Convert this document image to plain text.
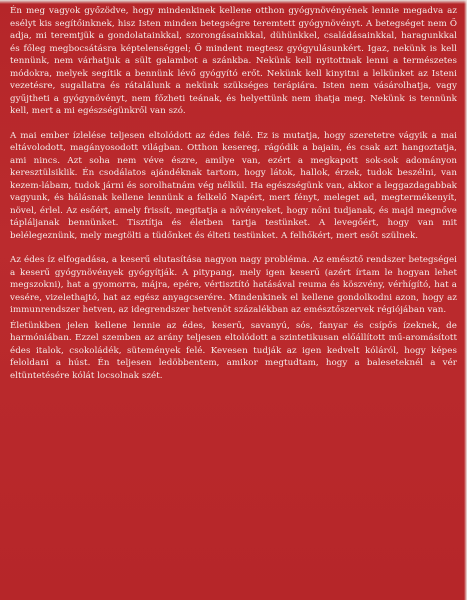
Én meg vagyok győzödve, hogy mindenkinek kellene otthon gyógynövényének lennie megadva az esélyt kis segítőinknek, hisz Isten minden betegségre teremtett gyógynövényt. A betegséget nem Ő adja, mi teremtjük a gondolatainkkal, szorongásainkkal, dühünkkel, családásainkkal, haragunkkal és főleg megbocsátásra képtelenséggel; Ő mindent megtesz gyógyulásunkért. Igaz, nekünk is kell tennünk, nem várhatjuk a sült galambot a szánkba. Nekünk kell nyitottnak lenni a természetes módokra, melyek segítik a bennünk lévő gyógyító erőt. Nekünk kell kinyitni a lelkünket az Isteni vezetésre, sugallatra és rátalálunk a nekünk szükséges terápiára. Isten nem vásárolhatja, vagy gyűjtheti a gyógynövényt, nem főzheti teának, és helyettünk nem ihatja meg. Nekünk is tennünk kell, mert a mi egészségünkről van szó.

A mai ember ízlelése teljesen eltolódott az édes felé. Ez is mutatja, hogy szeretetre vágyik a mai eltávolodott, magányosodott világban. Otthon kesereg, rágódik a bajain, és csak azt hangoztatja, ami nincs. Azt soha nem véve észre, amilye van, ezért a megkapott sok-sok adományon keresztülsiklik. Én csodálatos ajándéknak tartom, hogy látok, hallok, érzek, tudok beszélni, van kezem-lábam, tudok járni és sorolhatnám vég nélkül. Ha egészségünk van, akkor a leggazdagabbak vagyunk, és hálásnak kellene lennünk a felkelő Napért, mert fényt, meleget ad, megtermékenyít, növel, érlel. Az esőért, amely frissít, megitatja a növényeket, hogy nőni tudjanak, és majd megnőve tápláljanak bennünket. Tisztítja és életben tartja testünket. A levegőért, hogy van mit belélegeznünk, mely megtölti a tüdőnket és élteti testünket. A felhőkért, mert esőt szülnek.

Az édes íz elfogadása, a keserű elutasítása nagyon nagy probléma. Az emésztő rendszer betegségei a keserű gyógynövények gyógyítják. A pitypang, mely igen keserű (azért írtam le hogyan lehet megszokni), hat a gyomorra, májra, epére, vértisztító hatásával reuma és köszvény, vérhígító, hat a vesére, vizelethajtó, hat az egész anyagcserére. Mindenkinek el kellene gondolkodni azon, hogy az immunrendszer hetven, az idegrendszer hetvenöt százalékban az emésztőszervek régiójában van.

Életünkben jelen kellene lennie az édes, keserű, savanyú, sós, fanyar és csípős ízeknek, de harmóniában. Ezzel szemben az arány teljesen eltolódott a szintetikusan előállított mű-aromásított édes italok, csokoládék, sütemények felé. Kevesen tudják az igen kedvelt kóláról, hogy képes feloldani a húst. Én teljesen ledöbbentem, amikor megtudtam, hogy a baleseteknél a vér eltüntetésére kólát locsolnak szét.
